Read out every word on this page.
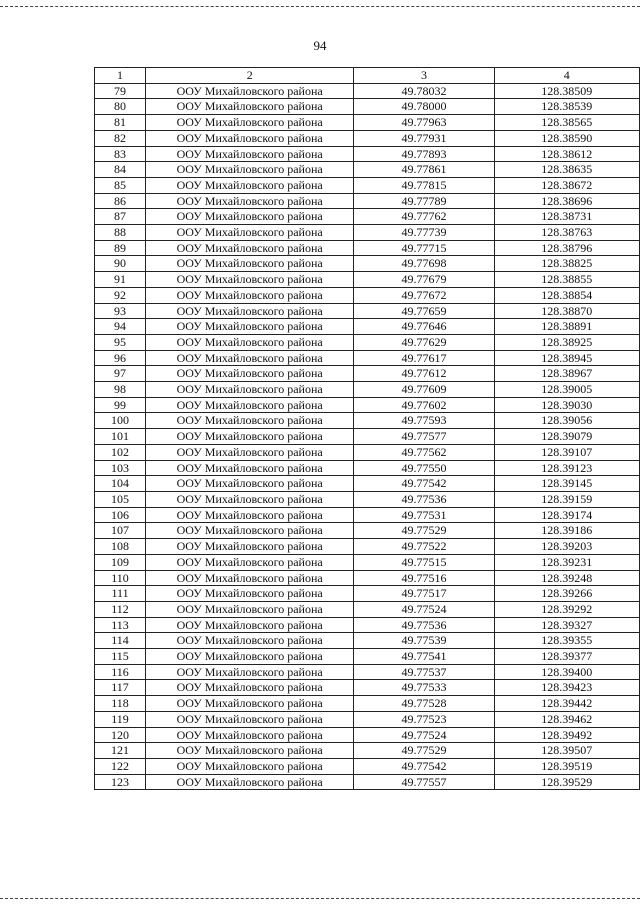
94
1	2	3	4
79	ООУ Михайловского района	49.78032	128.38509
80	ООУ Михайловского района	49.78000	128.38539
81	ООУ Михайловского района	49.77963	128.38565
82	ООУ Михайловского района	49.77931	128.38590
83	ООУ Михайловского района	49.77893	128.38612
84	ООУ Михайловского района	49.77861	128.38635
85	ООУ Михайловского района	49.77815	128.38672
86	ООУ Михайловского района	49.77789	128.38696
87	ООУ Михайловского района	49.77762	128.38731
88	ООУ Михайловского района	49.77739	128.38763
89	ООУ Михайловского района	49.77715	128.38796
90	ООУ Михайловского района	49.77698	128.38825
91	ООУ Михайловского района	49.77679	128.38855
92	ООУ Михайловского района	49.77672	128.38854
93	ООУ Михайловского района	49.77659	128.38870
94	ООУ Михайловского района	49.77646	128.38891
95	ООУ Михайловского района	49.77629	128.38925
96	ООУ Михайловского района	49.77617	128.38945
97	ООУ Михайловского района	49.77612	128.38967
98	ООУ Михайловского района	49.77609	128.39005
99	ООУ Михайловского района	49.77602	128.39030
100	ООУ Михайловского района	49.77593	128.39056
101	ООУ Михайловского района	49.77577	128.39079
102	ООУ Михайловского района	49.77562	128.39107
103	ООУ Михайловского района	49.77550	128.39123
104	ООУ Михайловского района	49.77542	128.39145
105	ООУ Михайловского района	49.77536	128.39159
106	ООУ Михайловского района	49.77531	128.39174
107	ООУ Михайловского района	49.77529	128.39186
108	ООУ Михайловского района	49.77522	128.39203
109	ООУ Михайловского района	49.77515	128.39231
110	ООУ Михайловского района	49.77516	128.39248
111	ООУ Михайловского района	49.77517	128.39266
112	ООУ Михайловского района	49.77524	128.39292
113	ООУ Михайловского района	49.77536	128.39327
114	ООУ Михайловского района	49.77539	128.39355
115	ООУ Михайловского района	49.77541	128.39377
116	ООУ Михайловского района	49.77537	128.39400
117	ООУ Михайловского района	49.77533	128.39423
118	ООУ Михайловского района	49.77528	128.39442
119	ООУ Михайловского района	49.77523	128.39462
120	ООУ Михайловского района	49.77524	128.39492
121	ООУ Михайловского района	49.77529	128.39507
122	ООУ Михайловского района	49.77542	128.39519
123	ООУ Михайловского района	49.77557	128.39529
